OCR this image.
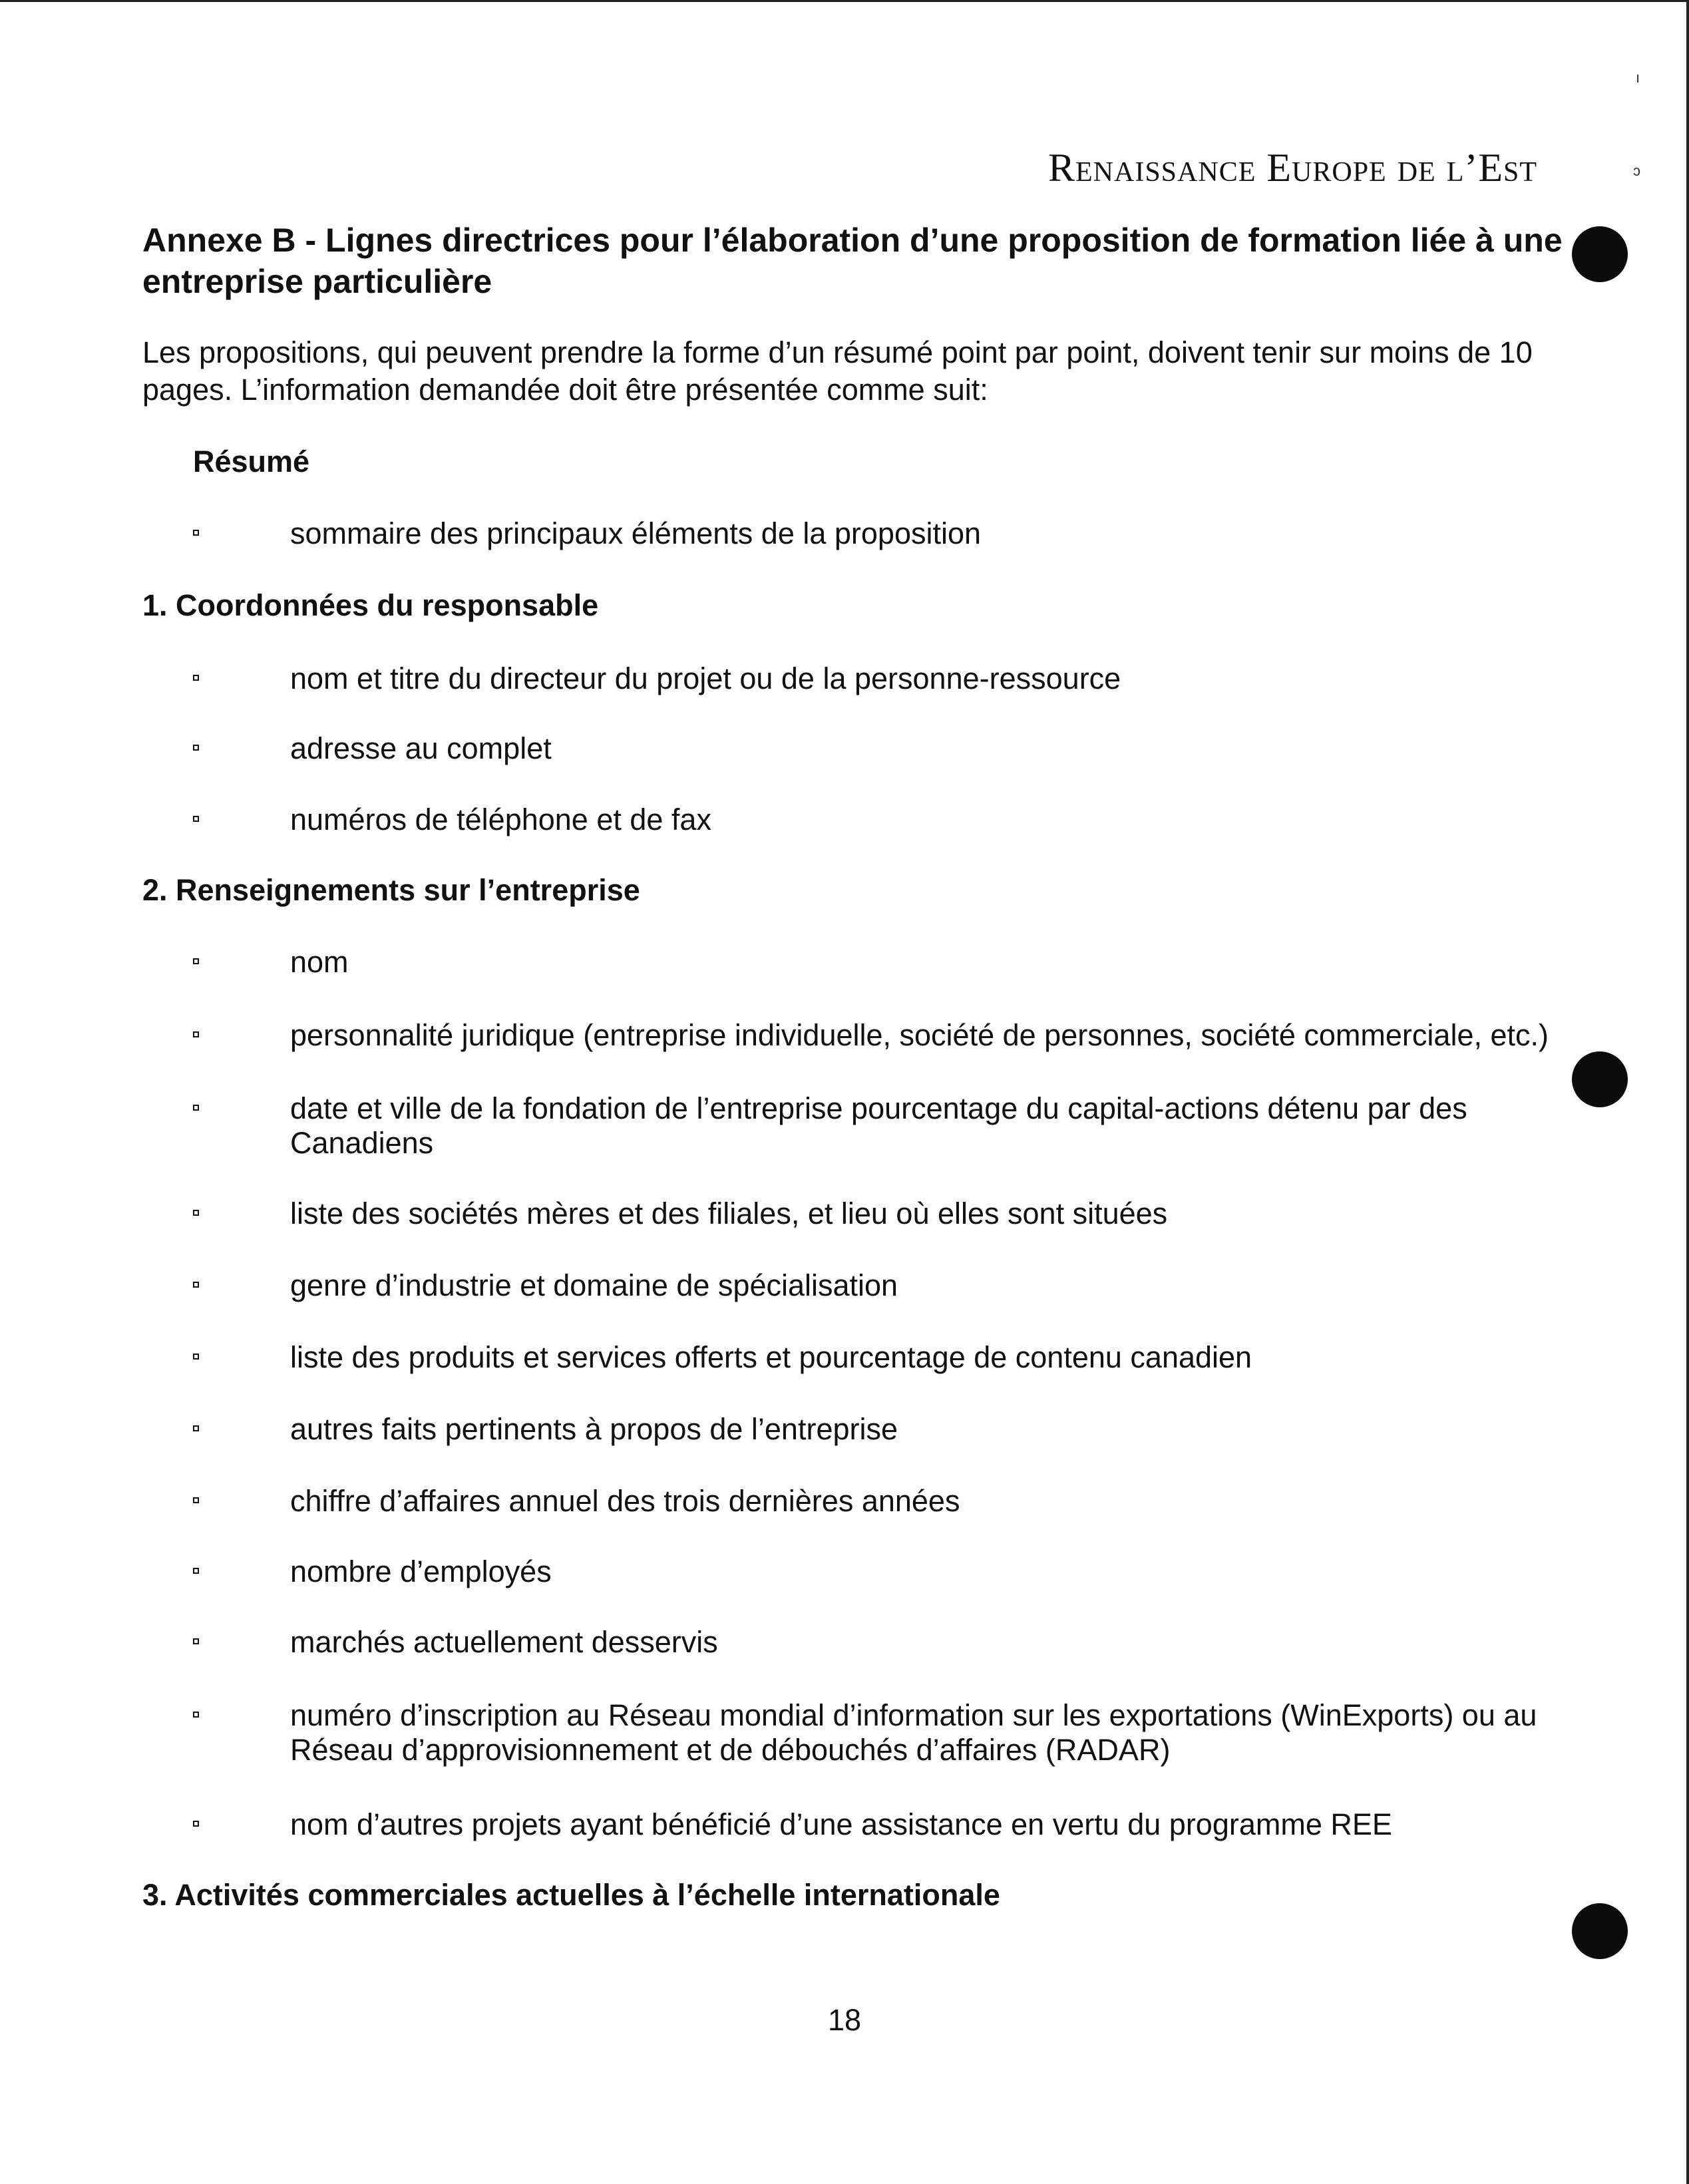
Renaissance Europe de l’Est
Annexe B - Lignes directrices pour l’élaboration d’une proposition de formation liée à une entreprise particulière
Les propositions, qui peuvent prendre la forme d’un résumé point par point, doivent tenir sur moins de 10 pages. L’information demandée doit être présentée comme suit:
Résumé
sommaire des principaux éléments de la proposition
1. Coordonnées du responsable
nom et titre du directeur du projet ou de la personne-ressource
adresse au complet
numéros de téléphone et de fax
2. Renseignements sur l’entreprise
nom
personnalité juridique (entreprise individuelle, société de personnes, société commerciale, etc.)
date et ville de la fondation de l’entreprise pourcentage du capital-actions détenu par des Canadiens
liste des sociétés mères et des filiales, et lieu où elles sont situées
genre d’industrie et domaine de spécialisation
liste des produits et services offerts et pourcentage de contenu canadien
autres faits pertinents à propos de l’entreprise
chiffre d’affaires annuel des trois dernières années
nombre d’employés
marchés actuellement desservis
numéro d’inscription au Réseau mondial d’information sur les exportations (WinExports) ou au Réseau d’approvisionnement et de débouchés d’affaires (RADAR)
nom d’autres projets ayant bénéficié d’une assistance en vertu du programme REE
3. Activités commerciales actuelles à l’échelle internationale
18
ı
ɔ
